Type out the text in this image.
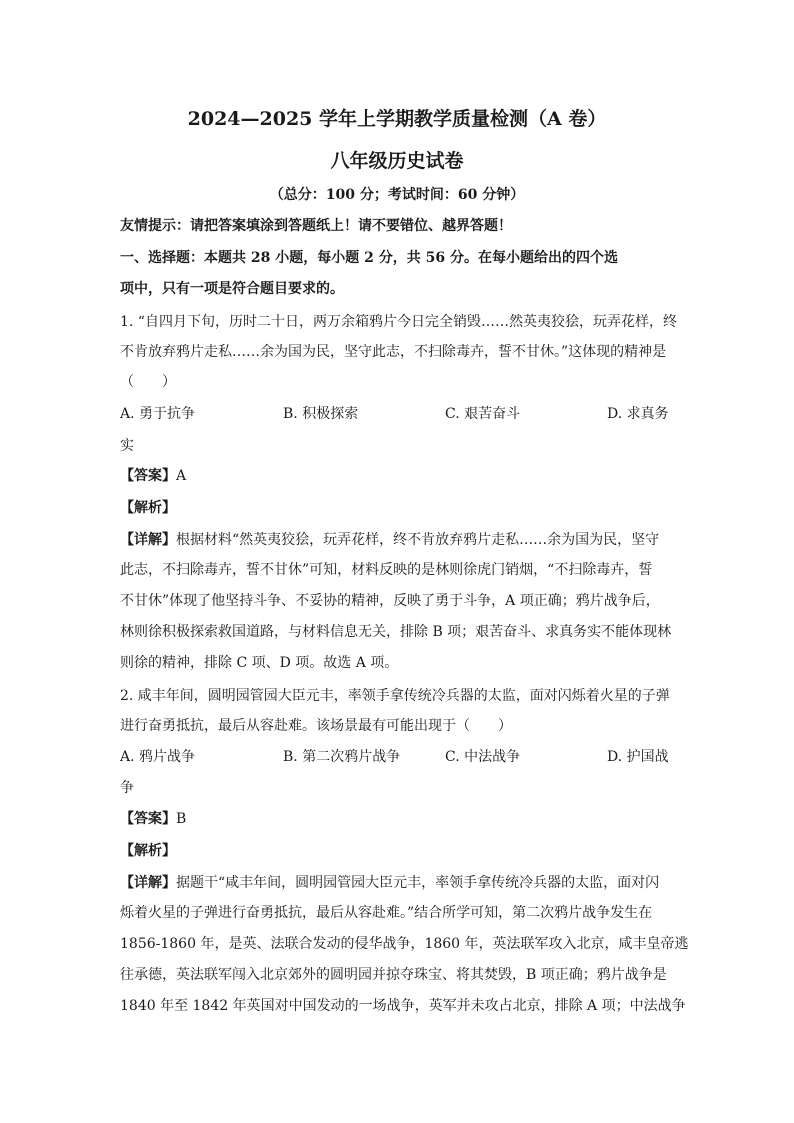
2024—2025 学年上学期教学质量检测（A 卷）
八年级历史试卷
（总分：100 分；考试时间：60 分钟）
友情提示：请把答案填涂到答题纸上！请不要错位、越界答题！
一、选择题：本题共 28 小题，每小题 2 分，共 56 分。在每小题给出的四个选
项中，只有一项是符合题目要求的。
1. “自四月下旬，历时二十日，两万余箱鸦片今日完全销毁……然英夷狡狯，玩弄花样，终
不肯放弃鸦片走私……余为国为民，坚守此志，不扫除毒卉，誓不甘休。”这体现的精神是
（　　）
A. 勇于抗争	B. 积极探索	C. 艰苦奋斗	D. 求真务
实
【答案】A
【解析】
【详解】根据材料“然英夷狡狯，玩弄花样，终不肯放弃鸦片走私……余为国为民，坚守
此志，不扫除毒卉，誓不甘休”可知，材料反映的是林则徐虎门销烟，“不扫除毒卉，誓
不甘休”体现了他坚持斗争、不妥协的精神，反映了勇于斗争，A 项正确；鸦片战争后，
林则徐积极探索救国道路，与材料信息无关，排除 B 项；艰苦奋斗、求真务实不能体现林
则徐的精神，排除 C 项、D 项。故选 A 项。
2. 咸丰年间，圆明园管园大臣元丰，率领手拿传统冷兵器的太监，面对闪烁着火星的子弹
进行奋勇抵抗，最后从容赴难。该场景最有可能出现于（　　）
A. 鸦片战争	B. 第二次鸦片战争	C. 中法战争	D. 护国战
争
【答案】B
【解析】
【详解】据题干“咸丰年间，圆明园管园大臣元丰，率领手拿传统冷兵器的太监，面对闪
烁着火星的子弹进行奋勇抵抗，最后从容赴难。”结合所学可知，第二次鸦片战争发生在
1856-1860 年，是英、法联合发动的侵华战争，1860 年，英法联军攻入北京，咸丰皇帝逃
往承德，英法联军闯入北京郊外的圆明园并掠夺珠宝、将其焚毁，B 项正确；鸦片战争是
1840 年至 1842 年英国对中国发动的一场战争，英军并未攻占北京，排除 A 项；中法战争
